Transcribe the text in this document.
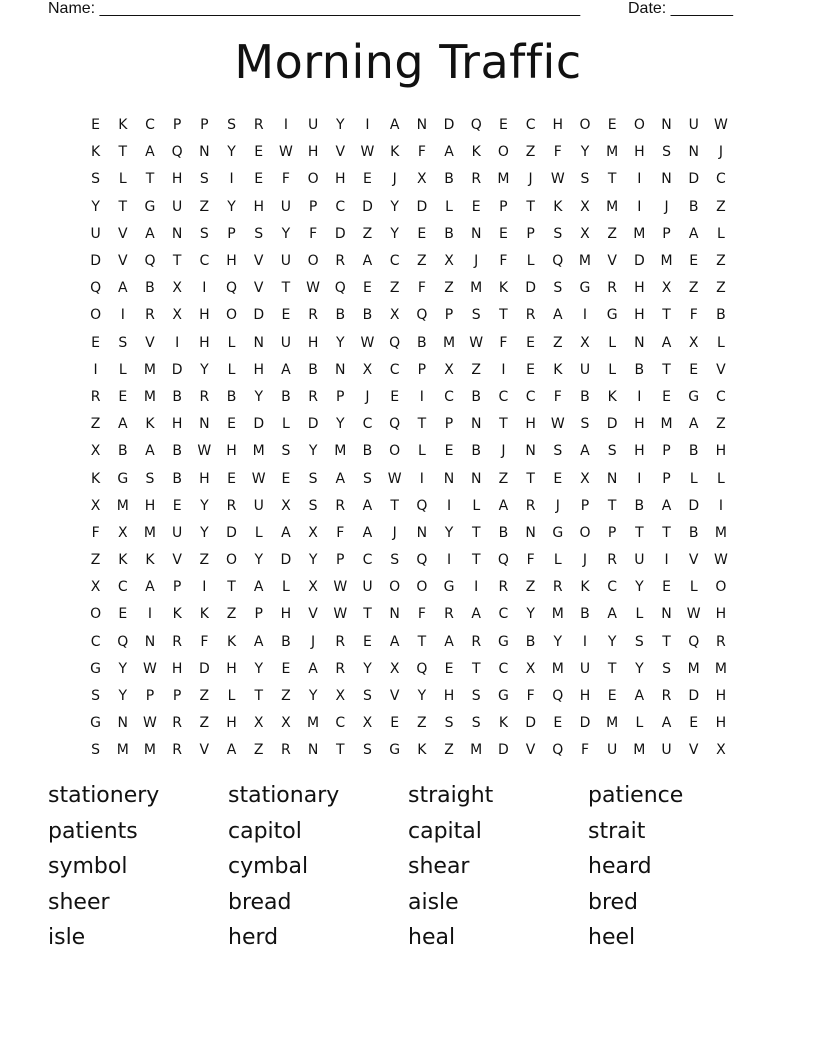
Name: ______________________________________________________	Date: _______
Morning Traffic
E	K	C	P	P	S	R	I	U	Y	I	A	N	D	Q	E	C	H	O	E	O	N	U	W
K	T	A	Q	N	Y	E	W	H	V	W	K	F	A	K	O	Z	F	Y	M	H	S	N	J
S	L	T	H	S	I	E	F	O	H	E	J	X	B	R	M	J	W	S	T	I	N	D	C
Y	T	G	U	Z	Y	H	U	P	C	D	Y	D	L	E	P	T	K	X	M	I	J	B	Z
U	V	A	N	S	P	S	Y	F	D	Z	Y	E	B	N	E	P	S	X	Z	M	P	A	L
D	V	Q	T	C	H	V	U	O	R	A	C	Z	X	J	F	L	Q	M	V	D	M	E	Z
Q	A	B	X	I	Q	V	T	W	Q	E	Z	F	Z	M	K	D	S	G	R	H	X	Z	Z
O	I	R	X	H	O	D	E	R	B	B	X	Q	P	S	T	R	A	I	G	H	T	F	B
E	S	V	I	H	L	N	U	H	Y	W	Q	B	M	W	F	E	Z	X	L	N	A	X	L
I	L	M	D	Y	L	H	A	B	N	X	C	P	X	Z	I	E	K	U	L	B	T	E	V
R	E	M	B	R	B	Y	B	R	P	J	E	I	C	B	C	C	F	B	K	I	E	G	C
Z	A	K	H	N	E	D	L	D	Y	C	Q	T	P	N	T	H	W	S	D	H	M	A	Z
X	B	A	B	W	H	M	S	Y	M	B	O	L	E	B	J	N	S	A	S	H	P	B	H
K	G	S	B	H	E	W	E	S	A	S	W	I	N	N	Z	T	E	X	N	I	P	L	L
X	M	H	E	Y	R	U	X	S	R	A	T	Q	I	L	A	R	J	P	T	B	A	D	I
F	X	M	U	Y	D	L	A	X	F	A	J	N	Y	T	B	N	G	O	P	T	T	B	M
Z	K	K	V	Z	O	Y	D	Y	P	C	S	Q	I	T	Q	F	L	J	R	U	I	V	W
X	C	A	P	I	T	A	L	X	W	U	O	O	G	I	R	Z	R	K	C	Y	E	L	O
O	E	I	K	K	Z	P	H	V	W	T	N	F	R	A	C	Y	M	B	A	L	N	W	H
C	Q	N	R	F	K	A	B	J	R	E	A	T	A	R	G	B	Y	I	Y	S	T	Q	R
G	Y	W	H	D	H	Y	E	A	R	Y	X	Q	E	T	C	X	M	U	T	Y	S	M	M
S	Y	P	P	Z	L	T	Z	Y	X	S	V	Y	H	S	G	F	Q	H	E	A	R	D	H
G	N	W	R	Z	H	X	X	M	C	X	E	Z	S	S	K	D	E	D	M	L	A	E	H
S	M	M	R	V	A	Z	R	N	T	S	G	K	Z	M	D	V	Q	F	U	M	U	V	X
stationery	stationary	straight	patience
patients	capitol	capital	strait
symbol	cymbal	shear	heard
sheer	bread	aisle	bred
isle	herd	heal	heel
